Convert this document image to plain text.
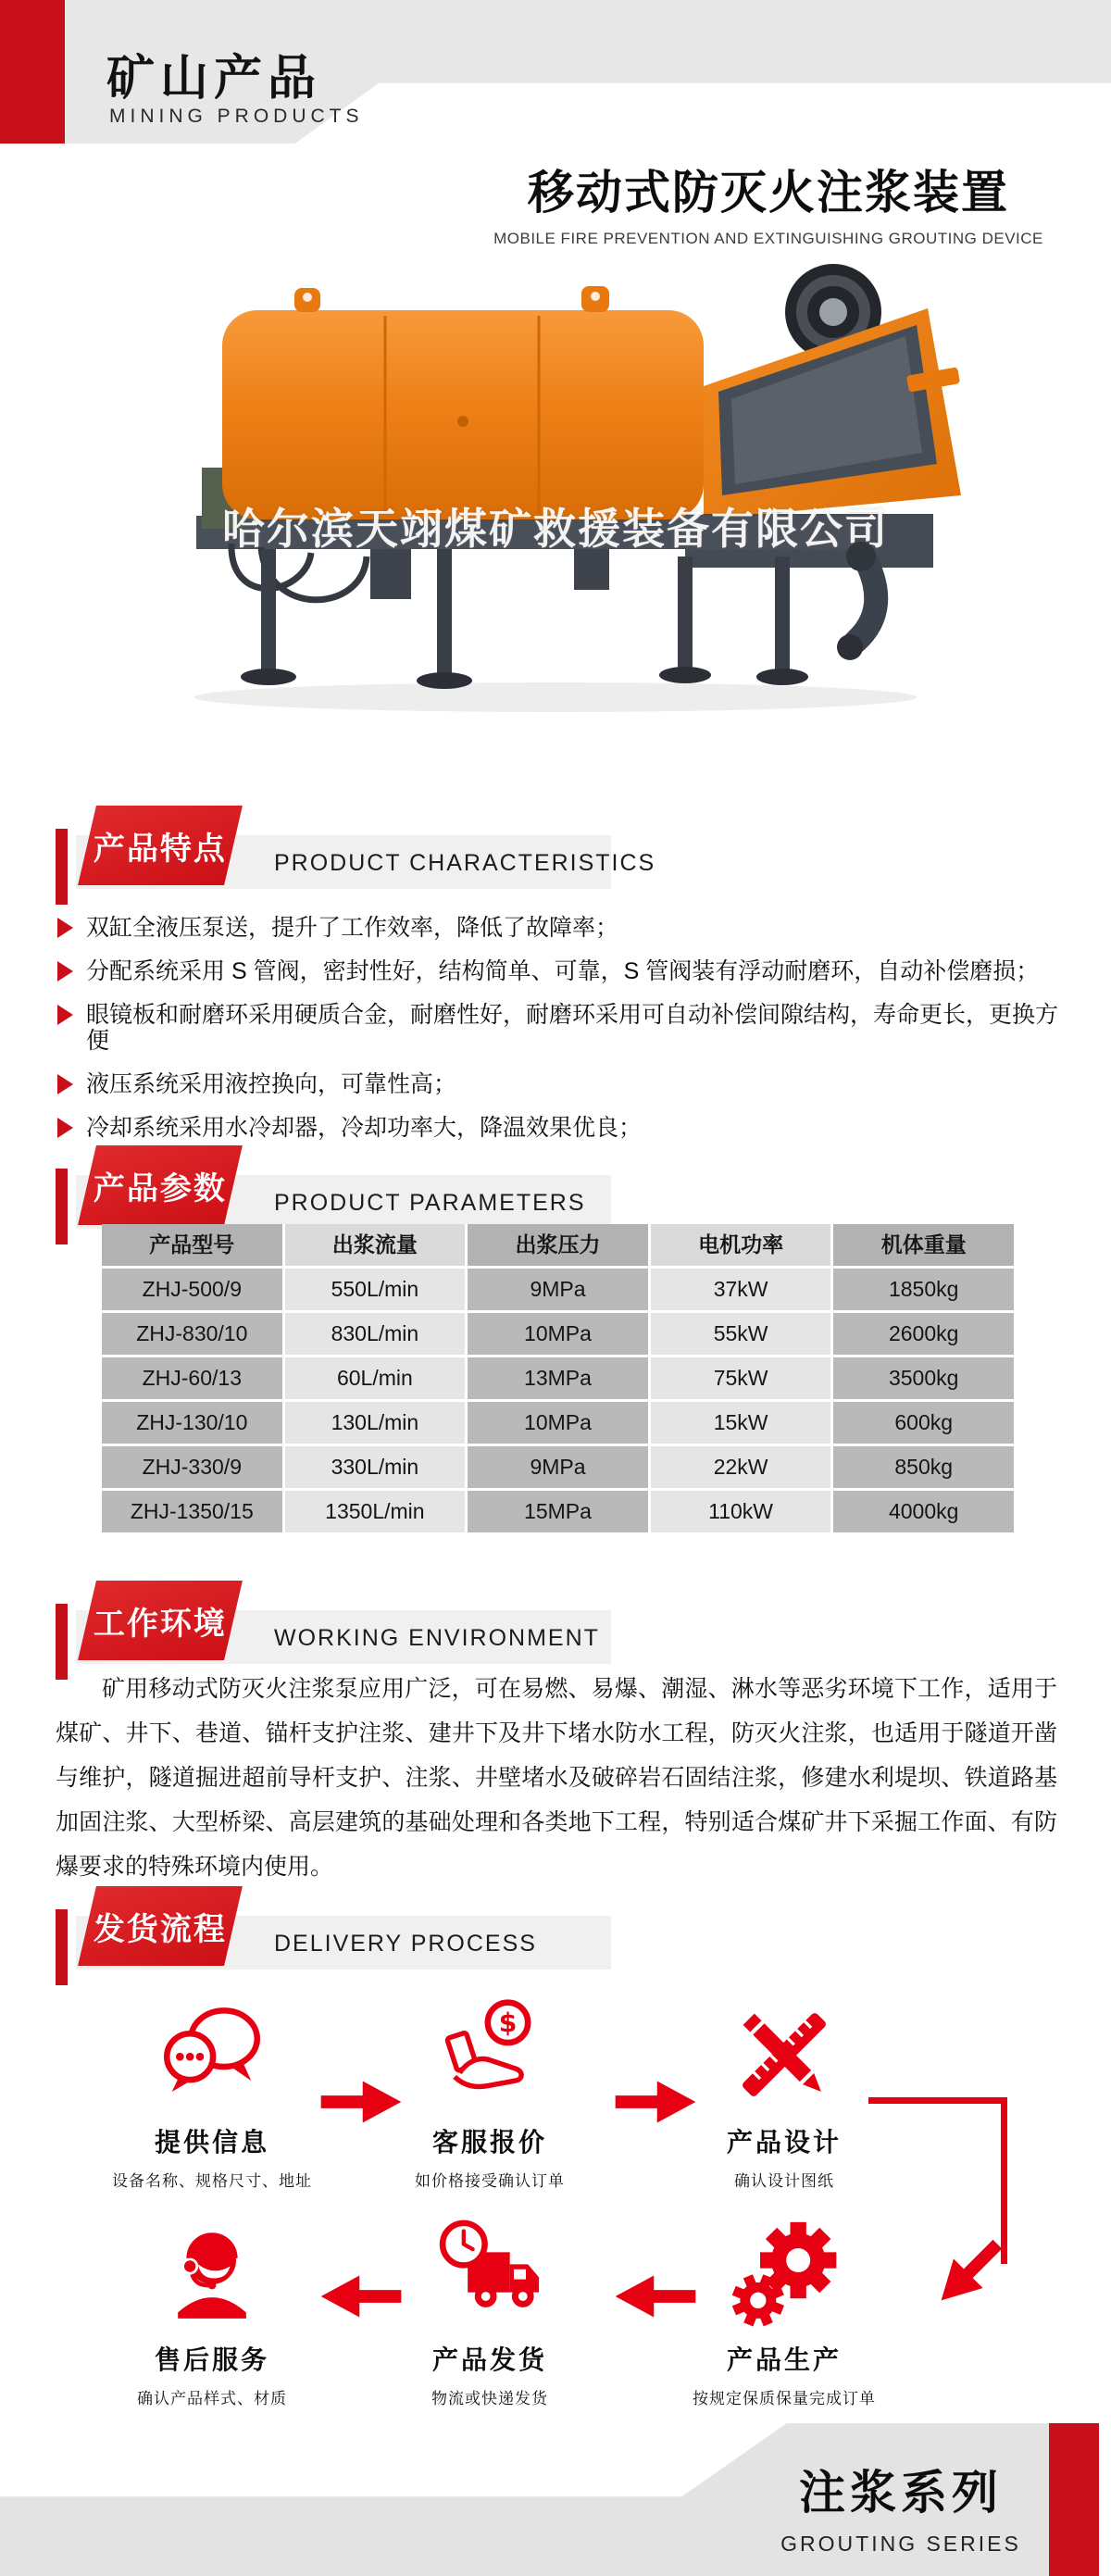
矿山产品
MINING PRODUCTS
移动式防灭火注浆装置
MOBILE FIRE PREVENTION AND EXTINGUISHING GROUTING DEVICE
哈尔滨天翊煤矿救援装备有限公司
产品特点 PRODUCT CHARACTERISTICS
双缸全液压泵送，提升了工作效率，降低了故障率；
分配系统采用 S 管阀，密封性好，结构简单、可靠，S 管阀装有浮动耐磨环，自动补偿磨损；
眼镜板和耐磨环采用硬质合金，耐磨性好，耐磨环采用可自动补偿间隙结构，寿命更长，更换方便
液压系统采用液控换向，可靠性高；
冷却系统采用水冷却器，冷却功率大，降温效果优良；
产品参数 PRODUCT PARAMETERS
产品型号	出浆流量	出浆压力	电机功率	机体重量
ZHJ-500/9	550L/min	9MPa	37kW	1850kg
ZHJ-830/10	830L/min	10MPa	55kW	2600kg
ZHJ-60/13	60L/min	13MPa	75kW	3500kg
ZHJ-130/10	130L/min	10MPa	15kW	600kg
ZHJ-330/9	330L/min	9MPa	22kW	850kg
ZHJ-1350/15	1350L/min	15MPa	110kW	4000kg
工作环境 WORKING ENVIRONMENT
矿用移动式防灭火注浆泵应用广泛，可在易燃、易爆、潮湿、淋水等恶劣环境下工作，适用于煤矿、井下、巷道、锚杆支护注浆、建井下及井下堵水防水工程，防灭火注浆，也适用于隧道开凿与维护，隧道掘进超前导杆支护、注浆、井壁堵水及破碎岩石固结注浆，修建水利堤坝、铁道路基加固注浆、大型桥梁、高层建筑的基础处理和各类地下工程，特别适合煤矿井下采掘工作面、有防爆要求的特殊环境内使用。
发货流程 DELIVERY PROCESS
提供信息
设备名称、规格尺寸、地址
$
客服报价
如价格接受确认订单
产品设计
确认设计图纸
产品生产
按规定保质保量完成订单
产品发货
物流或快递发货
售后服务
确认产品样式、材质
注浆系列
GROUTING SERIES
